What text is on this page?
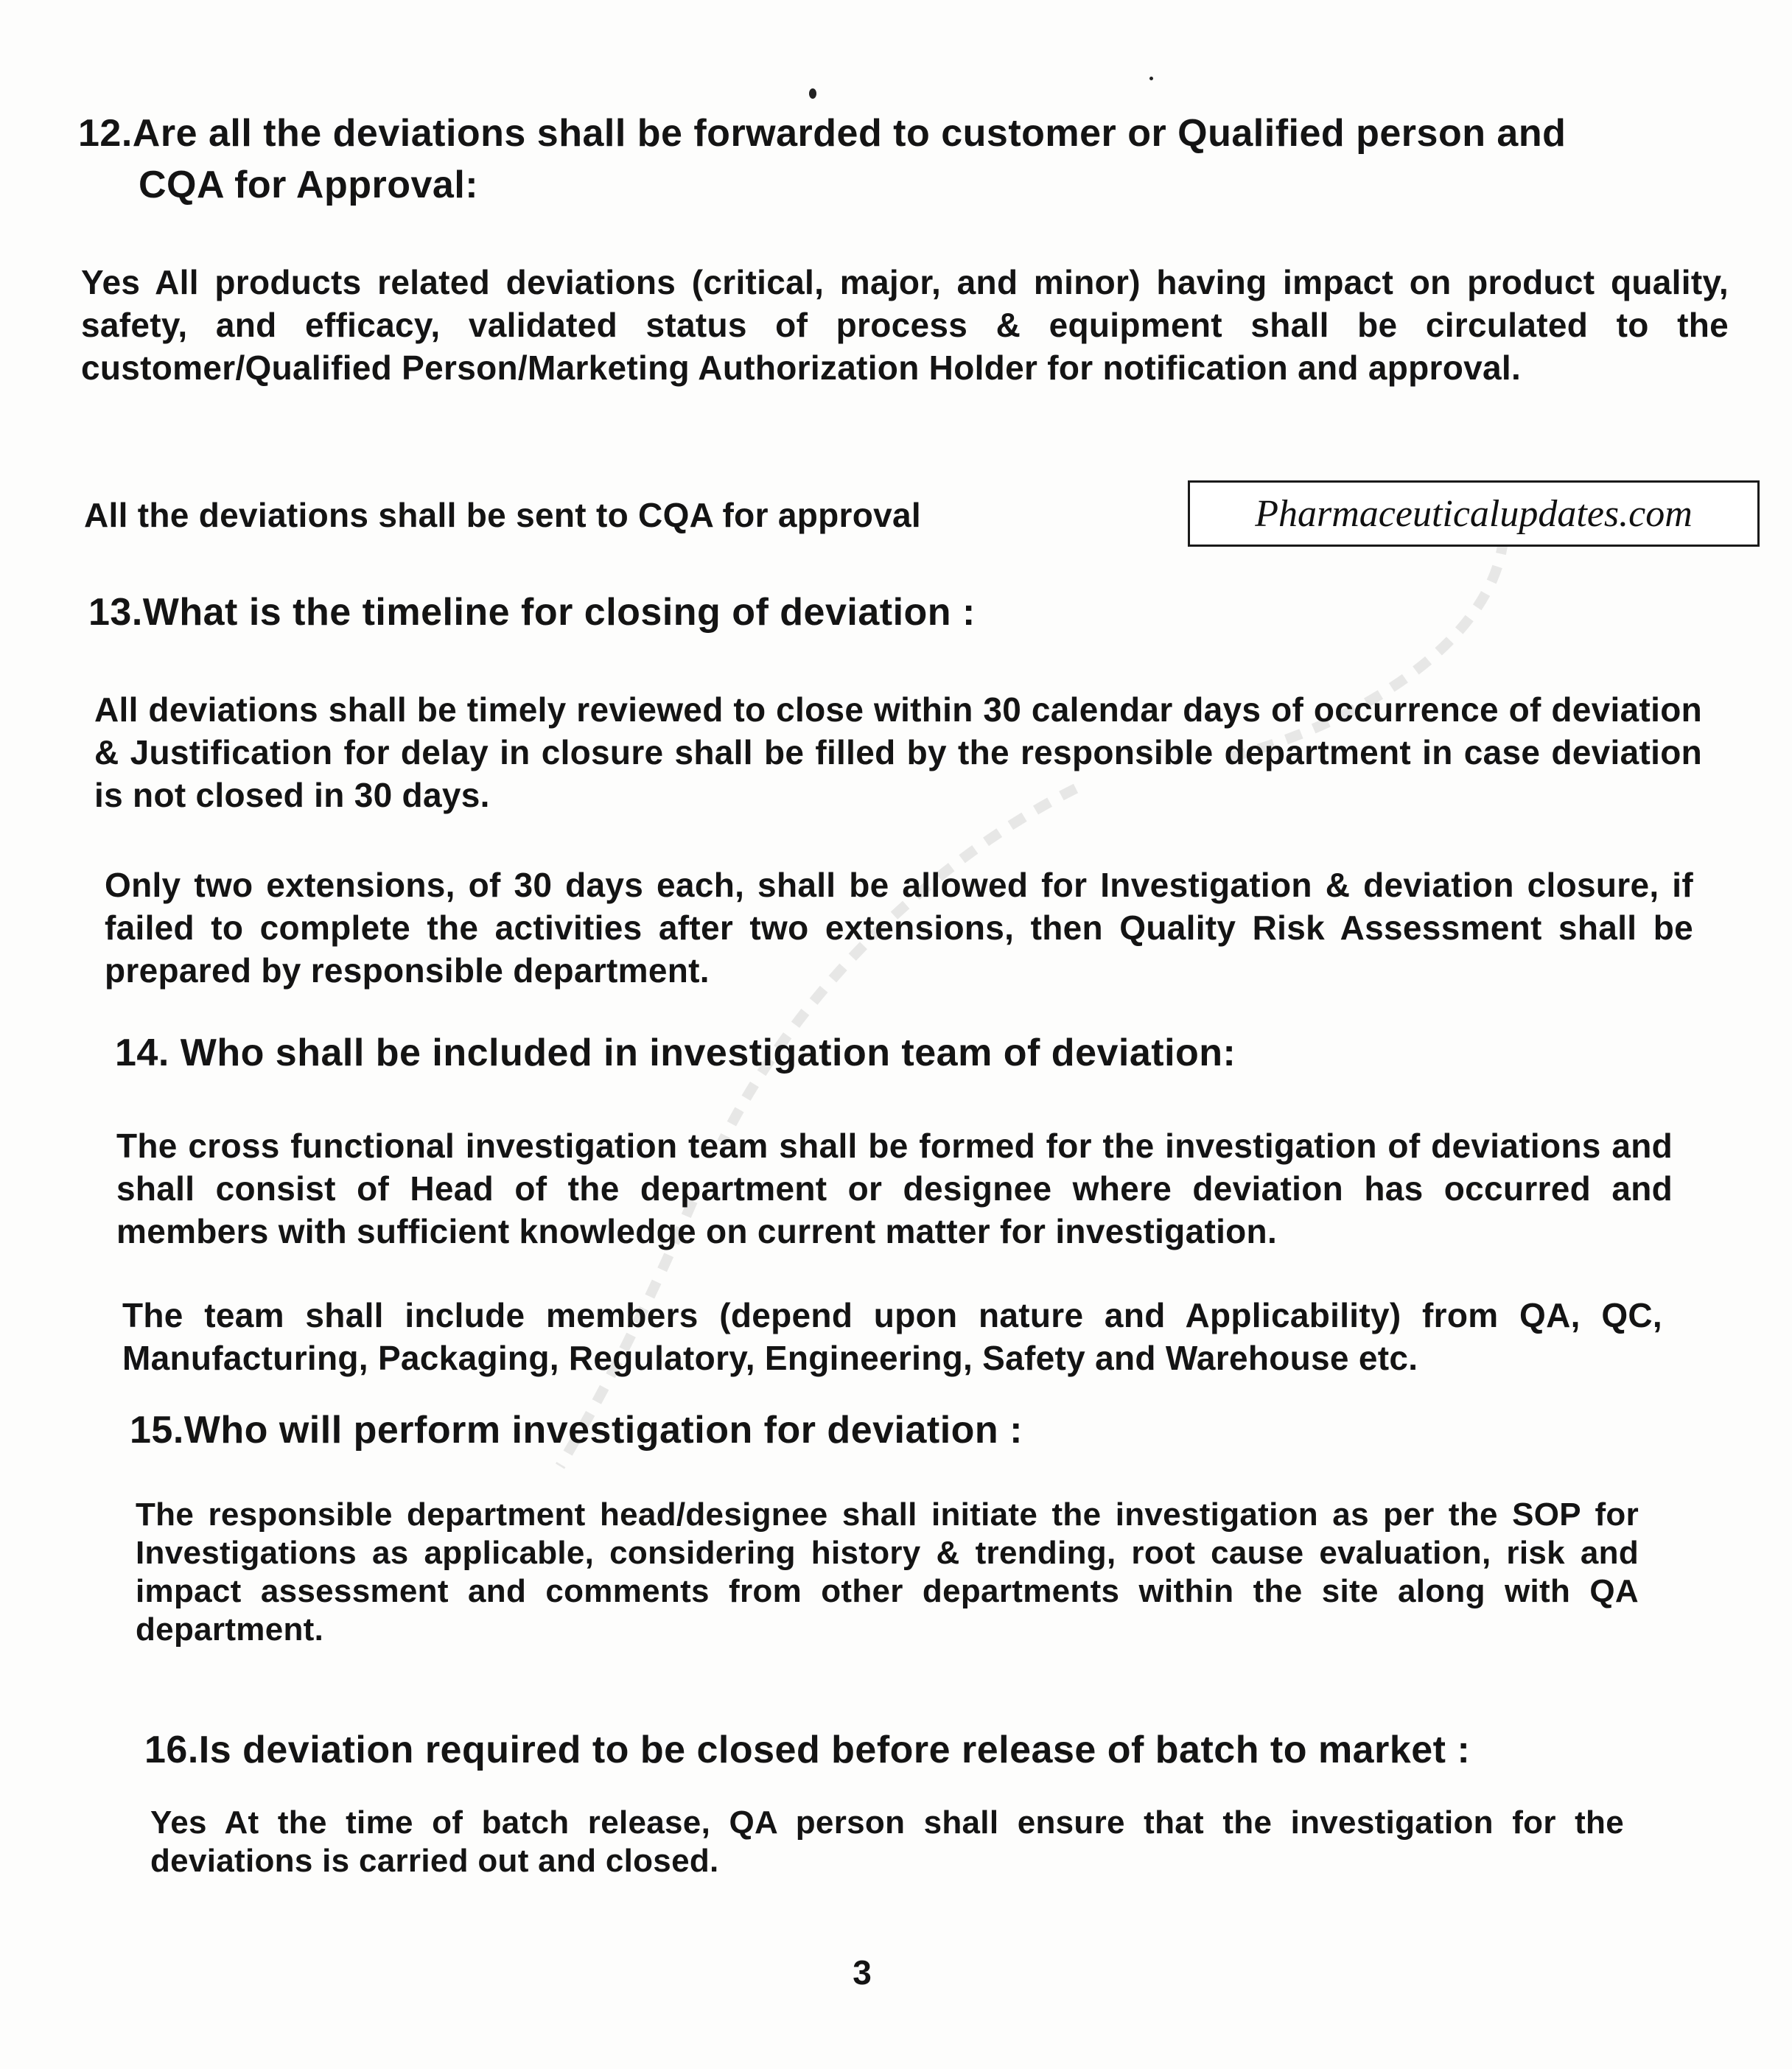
12.Are all the deviations shall be forwarded to customer or Qualified person and
CQA for Approval:
Yes All products related deviations (critical, major, and minor) having impact on product quality, safety, and efficacy, validated status of process & equipment shall be circulated to the customer/Qualified Person/Marketing Authorization Holder for notification and approval.
All the deviations shall be sent to CQA for approval	Pharmaceuticalupdates.com
13.What is the timeline for closing of deviation :
All deviations shall be timely reviewed to close within 30 calendar days of occurrence of deviation & Justification for delay in closure shall be filled by the responsible department in case deviation is not closed in 30 days.
Only two extensions, of 30 days each, shall be allowed for Investigation & deviation closure, if failed to complete the activities after two extensions, then Quality Risk Assessment shall be prepared by responsible department.
14. Who shall be included in investigation team of deviation:
The cross functional investigation team shall be formed for the investigation of deviations and shall consist of Head of the department or designee where deviation has occurred and members with sufficient knowledge on current matter for investigation.
The team shall include members (depend upon nature and Applicability) from QA, QC, Manufacturing, Packaging, Regulatory, Engineering, Safety and Warehouse etc.
15.Who will perform investigation for deviation :
The responsible department head/designee shall initiate the investigation as per the SOP for Investigations as applicable, considering history & trending, root cause evaluation, risk and impact assessment and comments from other departments within the site along with QA department.
16.Is deviation required to be closed before release of batch to market :
Yes At the time of batch release, QA person shall ensure that the investigation for the deviations is carried out and closed.
3
